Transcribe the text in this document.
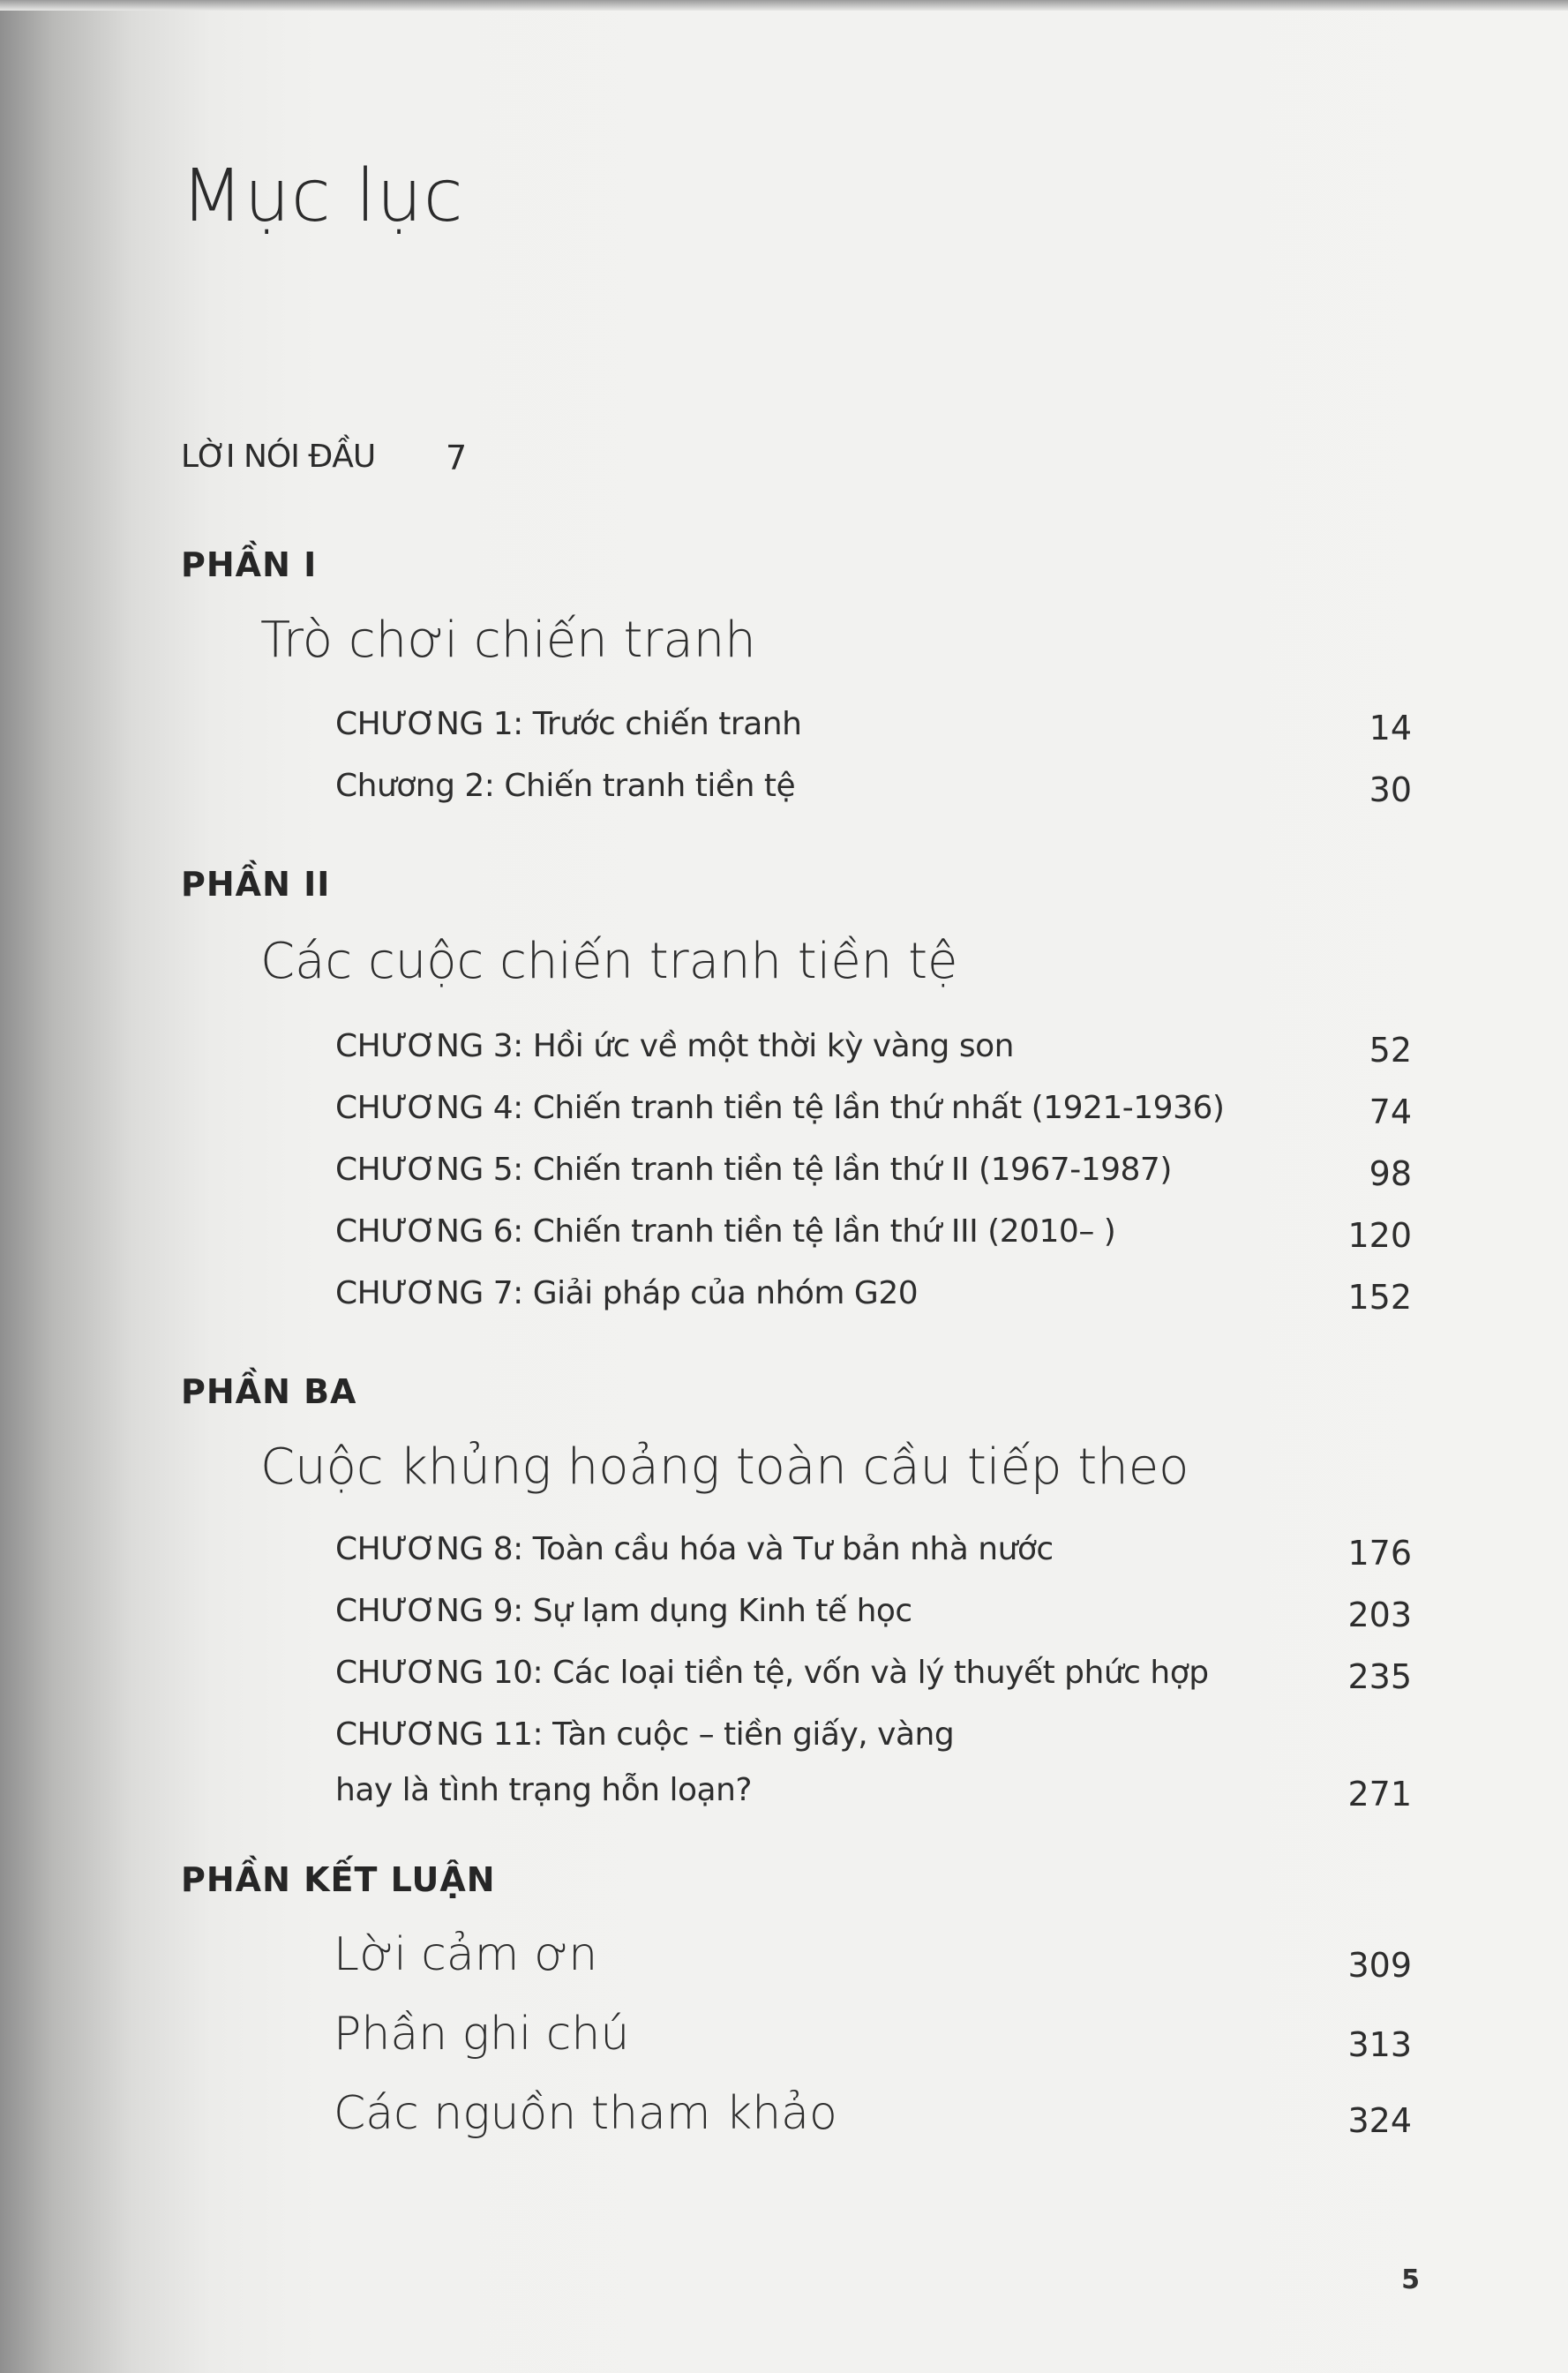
Mục lục
LỜI NÓI ĐẦU 7
PHẦN I
Trò chơi chiến tranh
CHƯƠNG 1: Trước chiến tranh	14
Chương 2: Chiến tranh tiền tệ	30
PHẦN II
Các cuộc chiến tranh tiền tệ
CHƯƠNG 3: Hồi ức về một thời kỳ vàng son	52
CHƯƠNG 4: Chiến tranh tiền tệ lần thứ nhất (1921-1936)	74
CHƯƠNG 5: Chiến tranh tiền tệ lần thứ II (1967-1987)	98
CHƯƠNG 6: Chiến tranh tiền tệ lần thứ III (2010– )	120
CHƯƠNG 7: Giải pháp của nhóm G20	152
PHẦN BA
Cuộc khủng hoảng toàn cầu tiếp theo
CHƯƠNG 8: Toàn cầu hóa và Tư bản nhà nước	176
CHƯƠNG 9: Sự lạm dụng Kinh tế học	203
CHƯƠNG 10: Các loại tiền tệ, vốn và lý thuyết phức hợp	235
CHƯƠNG 11: Tàn cuộc – tiền giấy, vàng
hay là tình trạng hỗn loạn?	271
PHẦN KẾT LUẬN
Lời cảm ơn	309
Phần ghi chú	313
Các nguồn tham khảo	324
5
